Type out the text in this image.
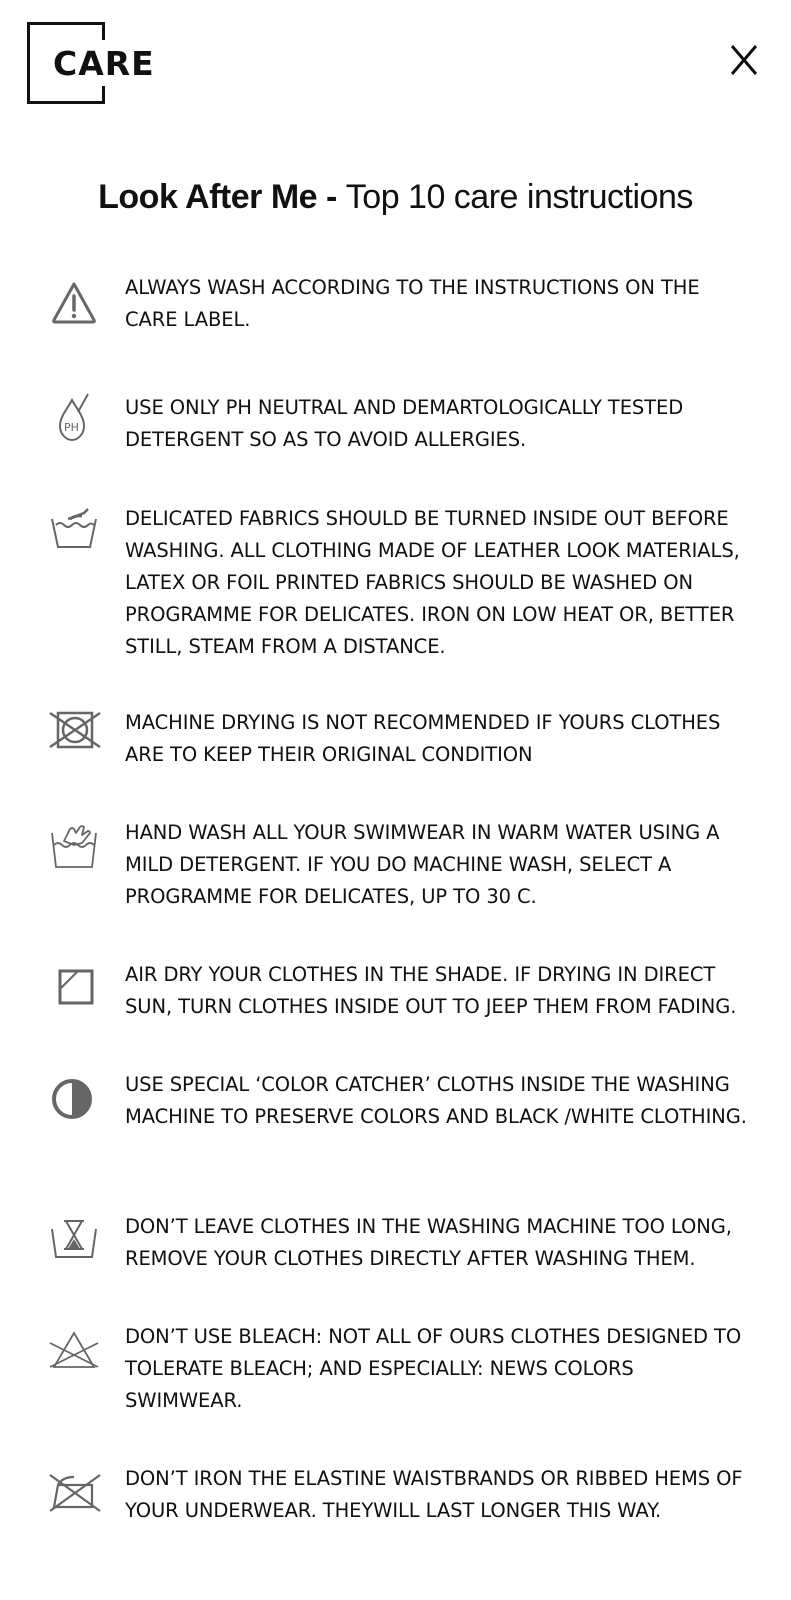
CARE
Look After Me - Top 10 care instructions
ALWAYS WASH ACCORDING TO THE INSTRUCTIONS ON THE CARE LABEL.
PH
USE ONLY PH NEUTRAL AND DEMARTOLOGICALLY TESTED DETERGENT SO AS TO AVOID ALLERGIES.
DELICATED FABRICS SHOULD BE TURNED INSIDE OUT BEFORE WASHING. ALL CLOTHING MADE OF LEATHER LOOK MATERIALS, LATEX OR FOIL PRINTED FABRICS SHOULD BE WASHED ON PROGRAMME FOR DELICATES. IRON ON LOW HEAT OR, BETTER STILL, STEAM FROM A DISTANCE.
MACHINE DRYING IS NOT RECOMMENDED IF YOURS CLOTHES ARE TO KEEP THEIR ORIGINAL CONDITION
HAND WASH ALL YOUR SWIMWEAR IN WARM WATER USING A MILD DETERGENT. IF YOU DO MACHINE WASH, SELECT A PROGRAMME FOR DELICATES, UP TO 30 C.
AIR DRY YOUR CLOTHES IN THE SHADE. IF DRYING IN DIRECT SUN, TURN CLOTHES INSIDE OUT TO JEEP THEM FROM FADING.
USE SPECIAL ‘COLOR CATCHER’ CLOTHS INSIDE THE WASHING MACHINE TO PRESERVE COLORS AND BLACK /WHITE CLOTHING.
DON’T LEAVE CLOTHES IN THE WASHING MACHINE TOO LONG, REMOVE YOUR CLOTHES DIRECTLY AFTER WASHING THEM.
DON’T USE BLEACH: NOT ALL OF OURS CLOTHES DESIGNED TO TOLERATE BLEACH; AND ESPECIALLY: NEWS COLORS SWIMWEAR.
DON’T IRON THE ELASTINE WAISTBRANDS OR RIBBED HEMS OF YOUR UNDERWEAR. THEYWILL LAST LONGER THIS WAY.
